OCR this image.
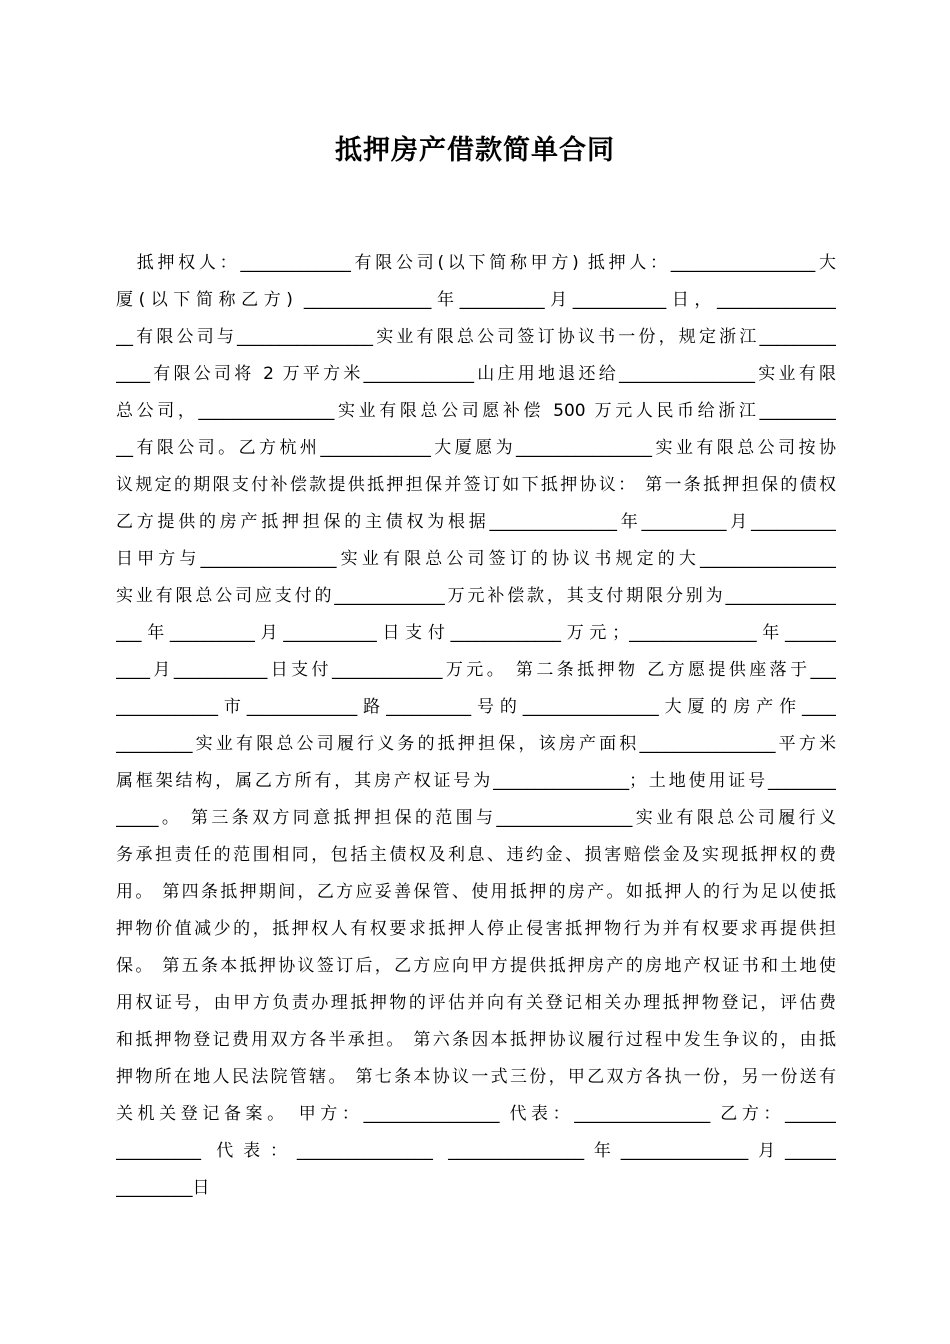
抵押房产借款简单合同
　抵押权人：_____________有限公司(以下简称甲方) 抵押人：_________________大
厦(以下简称乙方) _______________年__________月___________日，______________
__有限公司与________________实业有限总公司签订协议书一份，规定浙江_________
____有限公司将 2 万平方米_____________山庄用地退还给________________实业有限
总公司，________________实业有限总公司愿补偿 500 万元人民币给浙江_________
__有限公司。乙方杭州_____________大厦愿为________________实业有限总公司按协
议规定的期限支付补偿款提供抵押担保并签订如下抵押协议： 第一条抵押担保的债权
乙方提供的房产抵押担保的主债权为根据_______________年__________月__________
日甲方与________________实业有限总公司签订的协议书规定的大________________
实业有限总公司应支付的_____________万元补偿款，其支付期限分别为_____________
___年__________月___________日支付_____________万元；_______________年______
____月___________日支付_____________万元。 第二条抵押物 乙方愿提供座落于___
____________市_____________路__________号的________________大厦的房产作____
_________实业有限总公司履行义务的抵押担保，该房产面积________________平方米
属框架结构，属乙方所有，其房产权证号为________________；土地使用证号________
_____。 第三条双方同意抵押担保的范围与________________实业有限总公司履行义
务承担责任的范围相同，包括主债权及利息、违约金、损害赔偿金及实现抵押权的费
用。 第四条抵押期间，乙方应妥善保管、使用抵押的房产。如抵押人的行为足以使抵
押物价值减少的，抵押权人有权要求抵押人停止侵害抵押物行为并有权要求再提供担
保。 第五条本抵押协议签订后，乙方应向甲方提供抵押房产的房地产权证书和土地使
用权证号，由甲方负责办理抵押物的评估并向有关登记相关办理抵押物登记，评估费
和抵押物登记费用双方各半承担。 第六条因本抵押协议履行过程中发生争议的，由抵
押物所在地人民法院管辖。 第七条本协议一式三份，甲乙双方各执一份，另一份送有
关机关登记备案。 甲方：________________ 代表：________________ 乙方：______
__________ 代表：________________ ________________年_______________月______
_________日
